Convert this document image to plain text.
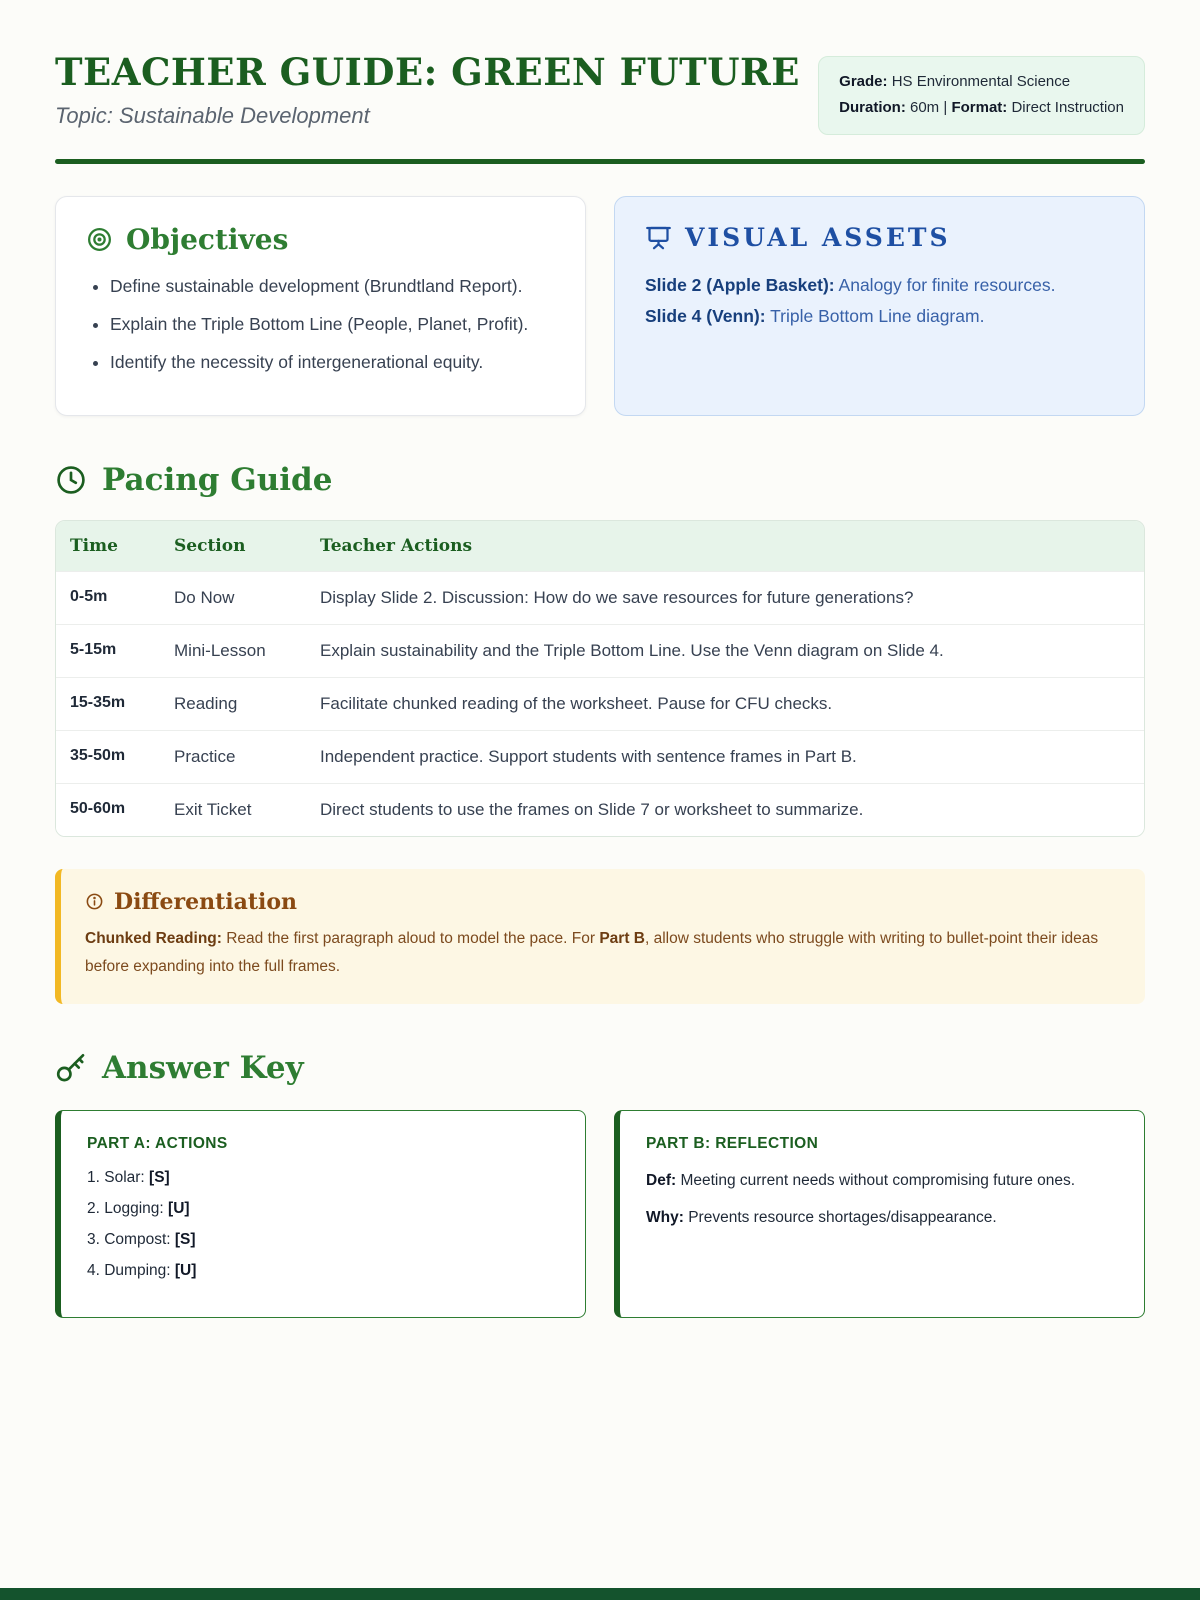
TEACHER GUIDE: GREEN FUTURE
Topic: Sustainable Development
Grade: HS Environmental Science
Duration: 60m | Format: Direct Instruction
Objectives
• Define sustainable development (Brundtland Report).
• Explain the Triple Bottom Line (People, Planet, Profit).
• Identify the necessity of intergenerational equity.
VISUAL ASSETS
Slide 2 (Apple Basket): Analogy for finite resources.
Slide 4 (Venn): Triple Bottom Line diagram.
Pacing Guide
Time	Section	Teacher Actions
0-5m	Do Now	Display Slide 2. Discussion: How do we save resources for future generations?
5-15m	Mini-Lesson	Explain sustainability and the Triple Bottom Line. Use the Venn diagram on Slide 4.
15-35m	Reading	Facilitate chunked reading of the worksheet. Pause for CFU checks.
35-50m	Practice	Independent practice. Support students with sentence frames in Part B.
50-60m	Exit Ticket	Direct students to use the frames on Slide 7 or worksheet to summarize.
Differentiation
Chunked Reading: Read the first paragraph aloud to model the pace. For Part B, allow students who struggle with writing to bullet-point their ideas before expanding into the full frames.
Answer Key
PART A: ACTIONS
1. Solar: [S]
2. Logging: [U]
3. Compost: [S]
4. Dumping: [U]
PART B: REFLECTION
Def: Meeting current needs without compromising future ones.
Why: Prevents resource shortages/disappearance.
